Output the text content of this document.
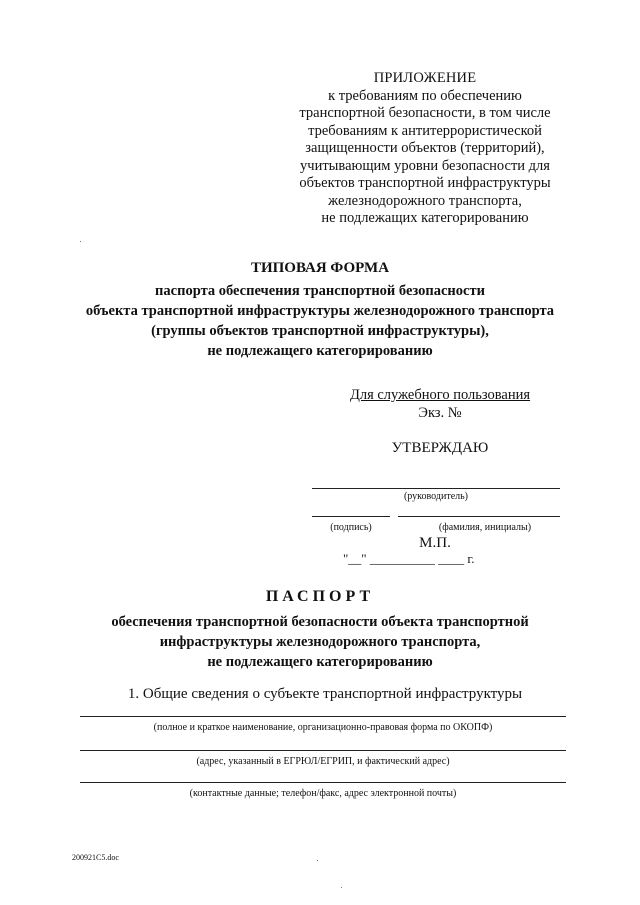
ПРИЛОЖЕНИЕ
к требованиям по обеспечению
транспортной безопасности, в том числе
требованиям к антитеррористической
защищенности объектов (территорий),
учитывающим уровни безопасности для
объектов транспортной инфраструктуры
железнодорожного транспорта,
не подлежащих категорированию
ТИПОВАЯ ФОРМА
паспорта обеспечения транспортной безопасности
объекта транспортной инфраструктуры железнодорожного транспорта
(группы объектов транспортной инфраструктуры),
не подлежащего категорированию
Для служебного пользования
Экз. №
УТВЕРЖДАЮ
(руководитель)
(подпись)	(фамилия, инициалы)
М.П.
"__" __________ ____ г.
ПАСПОРТ
обеспечения транспортной безопасности объекта транспортной
инфраструктуры железнодорожного транспорта,
не подлежащего категорированию
1. Общие сведения о субъекте транспортной инфраструктуры
(полное и краткое наименование, организационно-правовая форма по ОКОПФ)
(адрес, указанный в ЕГРЮЛ/ЕГРИП, и фактический адрес)
(контактные данные; телефон/факс, адрес электронной почты)
200921C5.doc
